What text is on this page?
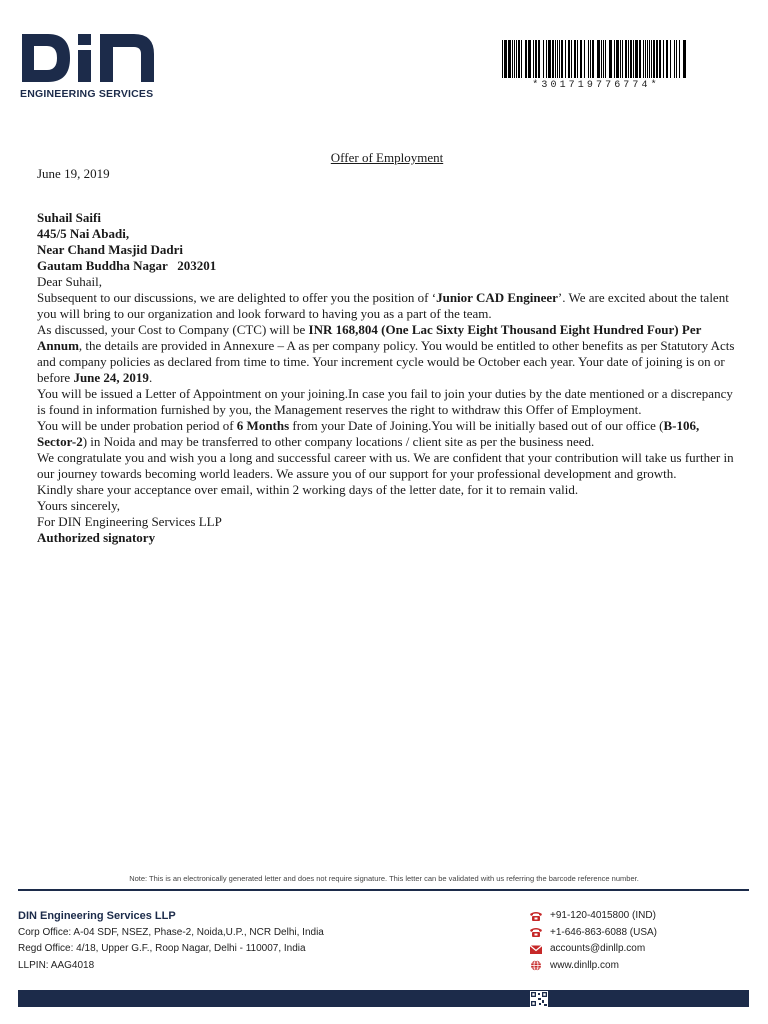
ENGINEERING SERVICES
*301719776774*

Offer of Employment

June 19, 2019

Suhail Saifi

445/5 Nai Abadi,

Near Chand Masjid Dadri

Gautam Buddha Nagar   203201

Dear Suhail,

Subsequent to our discussions, we are delighted to offer you the position of ‘Junior CAD Engineer’. We are excited about the talent you will bring to our organization and look forward to having you as a part of the team.

As discussed, your Cost to Company (CTC) will be INR 168,804 (One Lac Sixty Eight Thousand Eight Hundred Four) Per Annum, the details are provided in Annexure – A as per company policy. You would be entitled to other benefits as per Statutory Acts and company policies as declared from time to time. Your increment cycle would be October each year. Your date of joining is on or before June 24, 2019.

You will be issued a Letter of Appointment on your joining.In case you fail to join your duties by the date mentioned or a discrepancy is found in information furnished by you, the Management reserves the right to withdraw this Offer of Employment.

You will be under probation period of 6 Months from your Date of Joining.You will be initially based out of our office (B-106, Sector-2) in Noida and may be transferred to other company locations / client site as per the business need.

We congratulate you and wish you a long and successful career with us. We are confident that your contribution will take us further in our journey towards becoming world leaders. We assure you of our support for your professional development and growth.

Kindly share your acceptance over email, within 2 working days of the letter date, for it to remain valid.

Yours sincerely,

For DIN Engineering Services LLP

Authorized signatory

Note: This is an electronically generated letter and does not require signature. This letter can be validated with us referring the barcode reference number.
DIN Engineering Services LLP
Corp Office: A-04 SDF, NSEZ, Phase-2, Noida,U.P., NCR Delhi, India
Regd Office: 4/18, Upper G.F., Roop Nagar, Delhi - 110007, India
LLPIN: AAG4018
+91-120-4015800 (IND)
+1-646-863-6088 (USA)
accounts@dinllp.com
www.dinllp.com
